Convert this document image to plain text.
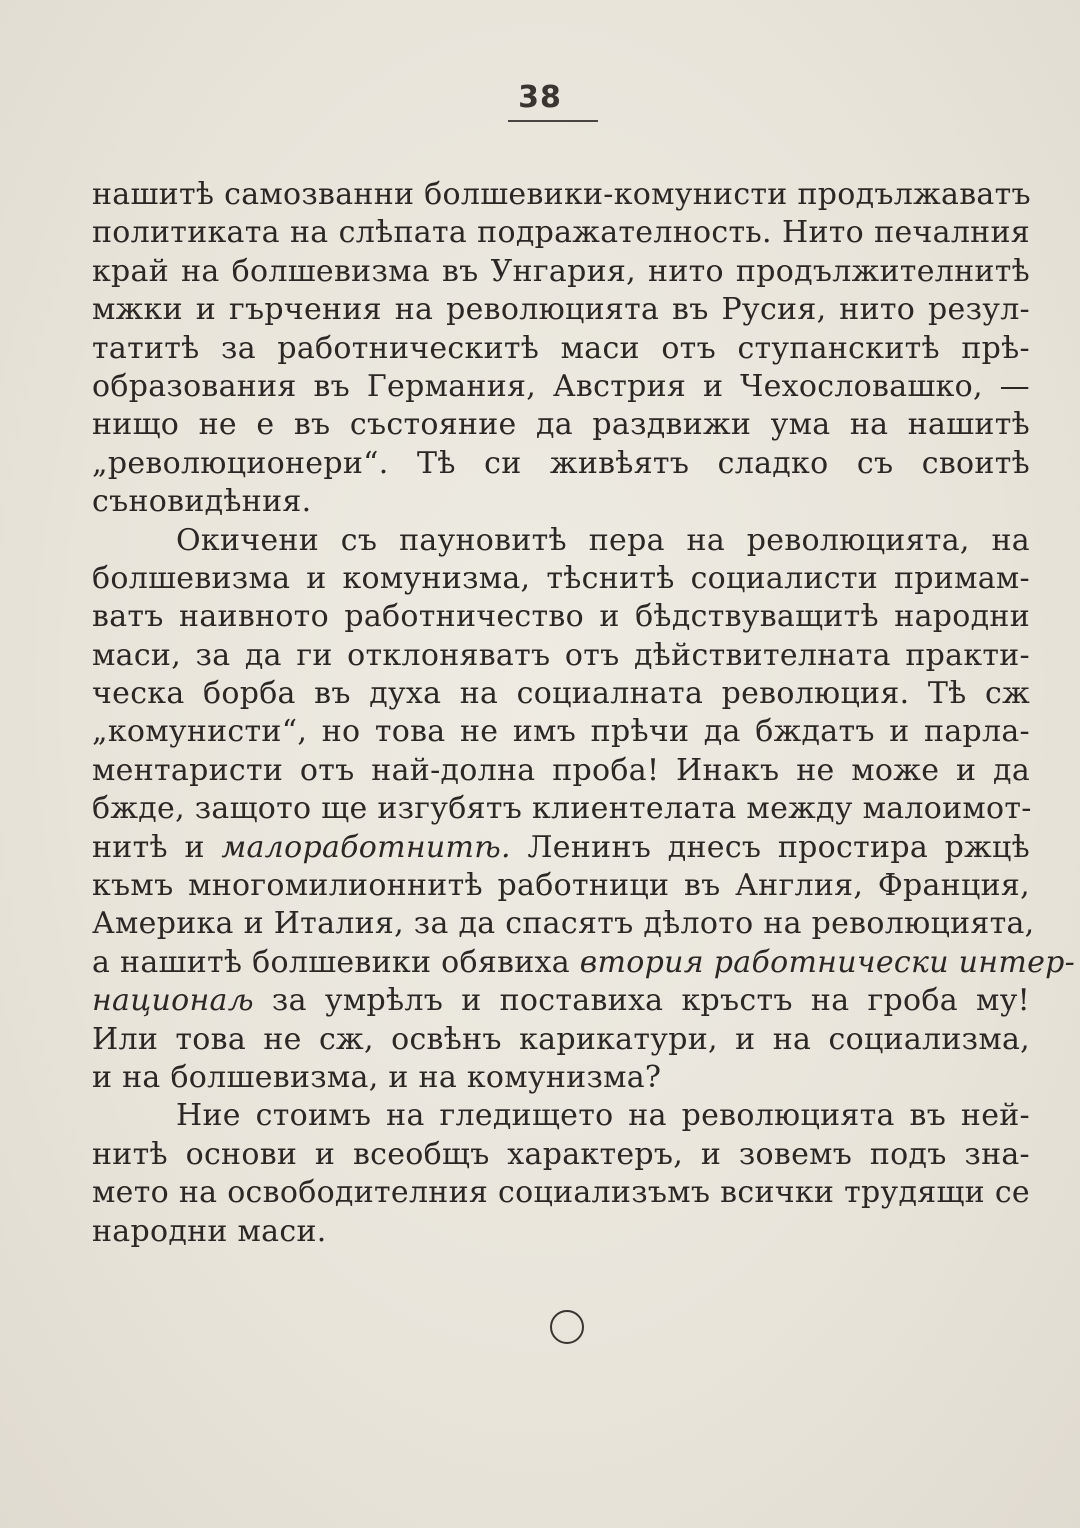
38
нашитѣ самозванни болшевики-комунисти продължаватъ
политиката на слѣпата подражателность. Нито печалния
край на болшевизма въ Унгария, нито продължителнитѣ
мжки и гърчения на революцията въ Русия, нито резул-
татитѣ за работническитѣ маси отъ ступанскитѣ прѣ-
образования въ Германия, Австрия и Чехословашко, —
нищо не е въ състояние да раздвижи ума на нашитѣ
„революционери“. Тѣ си живѣятъ сладко съ своитѣ
съновидѣния.
Окичени съ пауновитѣ пера на революцията, на
болшевизма и комунизма, тѣснитѣ социалисти примам-
ватъ наивното работничество и бѣдствуващитѣ народни
маси, за да ги отклоняватъ отъ дѣйствителната практи-
ческа борба въ духа на социалната революция. Тѣ сж
„комунисти“, но това не имъ прѣчи да бждатъ и парла-
ментаристи отъ най-долна проба! Инакъ не може и да
бжде, защото ще изгубятъ клиентелата между малоимот-
нитѣ и малоработнитѣ. Ленинъ днесъ простира ржцѣ
къмъ многомилионнитѣ работници въ Англия, Франция,
Америка и Италия, за да спасятъ дѣлото на революцията,
а нашитѣ болшевики обявиха втория работнически интер-
национаљ за умрѣлъ и поставиха кръстъ на гроба му!
Или това не сж, освѣнъ карикатури, и на социализма,
и на болшевизма, и на комунизма?
Ние стоимъ на гледището на революцията въ ней-
нитѣ основи и всеобщъ характеръ, и зовемъ подъ зна-
мето на освободителния социализъмъ всички трудящи се
народни маси.
